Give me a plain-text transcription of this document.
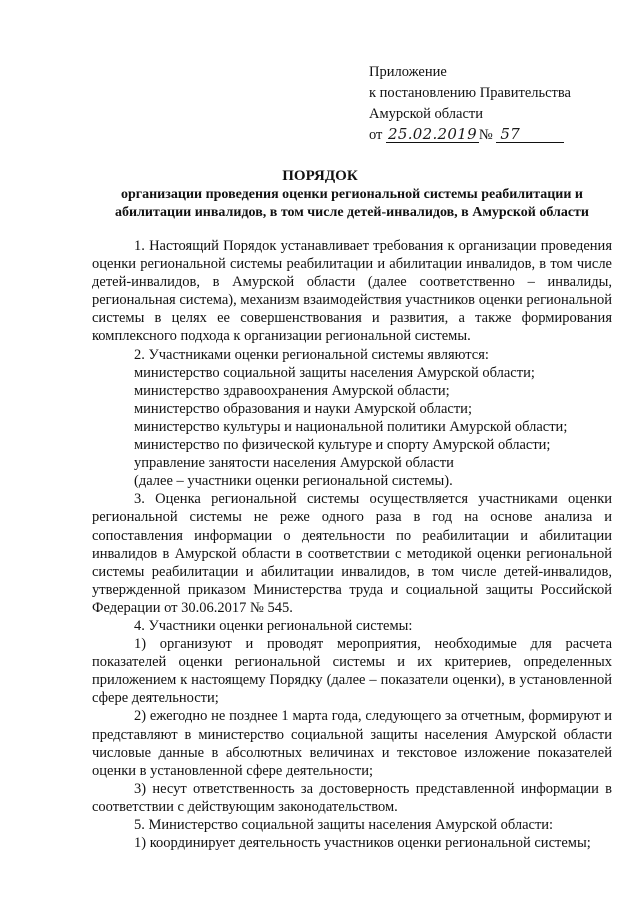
Приложение
к постановлению Правительства
Амурской области
от 25.02.2019 № 57
ПОРЯДОК
организации проведения оценки региональной системы реабилитации и абилитации инвалидов, в том числе детей-инвалидов, в Амурской области

1. Настоящий Порядок устанавливает требования к организации проведения оценки региональной системы реабилитации и абилитации инвалидов, в том числе детей-инвалидов, в Амурской области (далее соответственно – инвалиды, региональная система), механизм взаимодействия участников оценки региональной системы в целях ее совершенствования и развития, а также формирования комплексного подхода к организации региональной системы.

2. Участниками оценки региональной системы являются:

министерство социальной защиты населения Амурской области;

министерство здравоохранения Амурской области;

министерство образования и науки Амурской области;

министерство культуры и национальной политики Амурской области;

министерство по физической культуре и спорту Амурской области;

управление занятости населения Амурской области

(далее – участники оценки региональной системы).

3. Оценка региональной системы осуществляется участниками оценки региональной системы не реже одного раза в год на основе анализа и сопоставления информации о деятельности по реабилитации и абилитации инвалидов в Амурской области в соответствии с методикой оценки региональной системы реабилитации и абилитации инвалидов, в том числе детей-инвалидов, утвержденной приказом Министерства труда и социальной защиты Российской Федерации от 30.06.2017 № 545.

4. Участники оценки региональной системы:

1) организуют и проводят мероприятия, необходимые для расчета показателей оценки региональной системы и их критериев, определенных приложением к настоящему Порядку (далее – показатели оценки), в установленной сфере деятельности;

2) ежегодно не позднее 1 марта года, следующего за отчетным, формируют и представляют в министерство социальной защиты населения Амурской области числовые данные в абсолютных величинах и текстовое изложение показателей оценки в установленной сфере деятельности;

3) несут ответственность за достоверность представленной информации в соответствии с действующим законодательством.

5. Министерство социальной защиты населения Амурской области:

1) координирует деятельность участников оценки региональной системы;
